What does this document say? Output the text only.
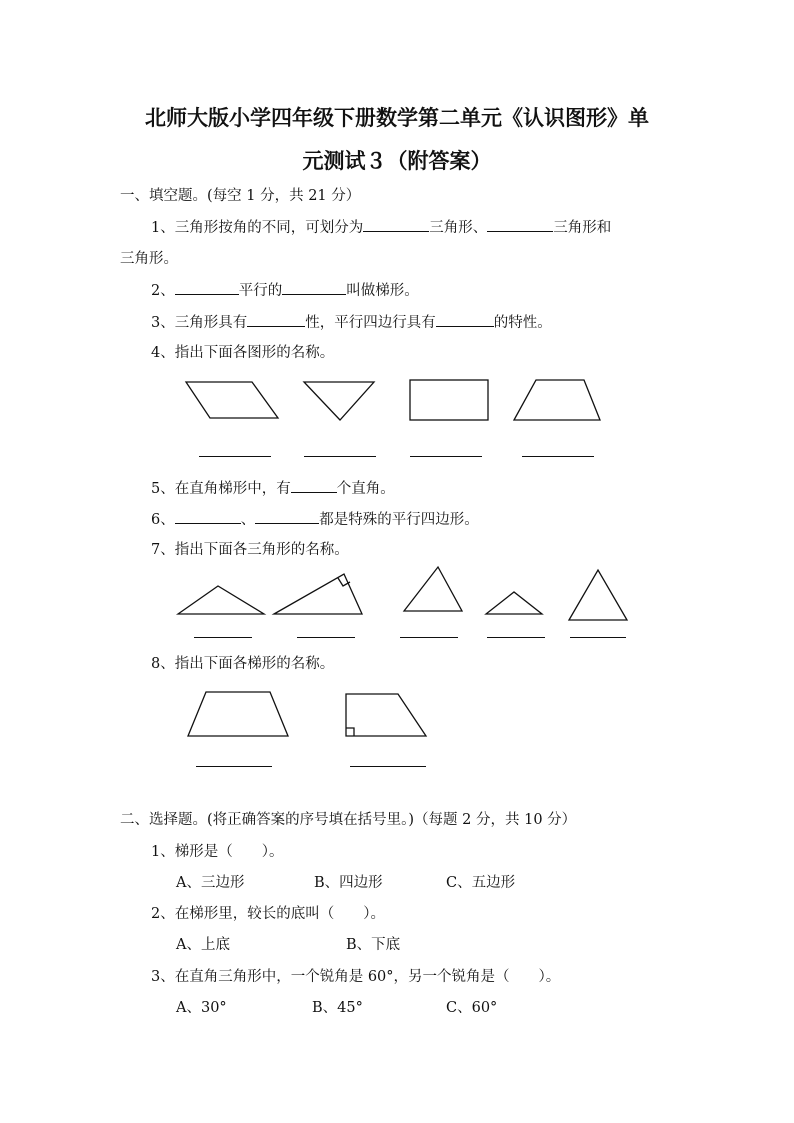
北师大版小学四年级下册数学第二单元《认识图形》单
元测试３（附答案）
一、填空题。(每空 1 分，共 21 分）
1、三角形按角的不同，可划分为	三角形、	三角形和
三角形。
2、	平行的	叫做梯形。
3、三角形具有	性，平行四边行具有	的特性。
4、指出下面各图形的名称。
5、在直角梯形中，有	个直角。
6、	、	都是特殊的平行四边形。
7、指出下面各三角形的名称。
8、指出下面各梯形的名称。
二、选择题。(将正确答案的序号填在括号里。)（每题 2 分，共 10 分）
1、梯形是（　　）。
A、三边形	B、四边形	C、五边形
2、在梯形里，较长的底叫（　　）。
A、上底	B、下底
3、在直角三角形中，一个锐角是 60°，另一个锐角是（　　）。
A、30°	B、45°	C、60°
